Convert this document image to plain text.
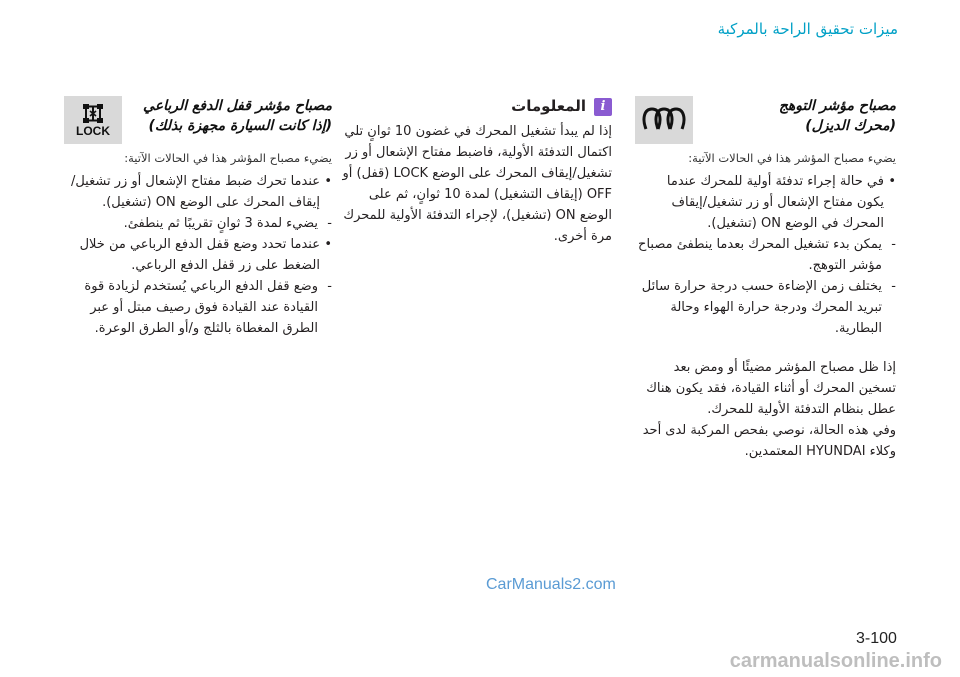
ميزات تحقيق الراحة بالمركبة
مصباح مؤشر التوهج
(محرك الديزل)
يضيء مصباح المؤشر هذا في الحالات الآتية:
• في حالة إجراء تدفئة أولية للمحرك عندما يكون مفتاح الإشعال أو زر تشغيل/إيقاف المحرك في الوضع ON (تشغيل).
- يمكن بدء تشغيل المحرك بعدما ينطفئ مصباح مؤشر التوهج.
- يختلف زمن الإضاءة حسب درجة حرارة سائل تبريد المحرك ودرجة حرارة الهواء وحالة البطارية.

إذا ظل مصباح المؤشر مضيئًا أو ومض بعد تسخين المحرك أو أثناء القيادة، فقد يكون هناك عطل بنظام التدفئة الأولية للمحرك.

وفي هذه الحالة، نوصي بفحص المركبة لدى أحد وكلاء HYUNDAI المعتمدين.

i
المعلومات

إذا لم يبدأ تشغيل المحرك في غضون 10 ثوانٍ تلي اكتمال التدفئة الأولية، فاضبط مفتاح الإشعال أو زر تشغيل/إيقاف المحرك على الوضع LOCK (قفل) أو OFF (إيقاف التشغيل) لمدة 10 ثوانٍ، ثم على الوضع ON (تشغيل)، لإجراء التدفئة الأولية للمحرك مرة أخرى.

مصباح مؤشر قفل الدفع الرباعي
(إذا كانت السيارة مجهزة بذلك)
يضيء مصباح المؤشر هذا في الحالات الآتية:
• عندما تحرك ضبط مفتاح الإشعال أو زر تشغيل/إيقاف المحرك على الوضع ON (تشغيل).
- يضيء لمدة 3 ثوانٍ تقريبًا ثم ينطفئ.
• عندما تحدد وضع قفل الدفع الرباعي من خلال الضغط على زر قفل الدفع الرباعي.
- وضع قفل الدفع الرباعي يُستخدم لزيادة قوة القيادة عند القيادة فوق رصيف مبتل أو عبر الطرق المغطاة بالثلج و/أو الطرق الوعرة.
LOCK
CarManuals2.com
3-100
carmanualsonline.info
